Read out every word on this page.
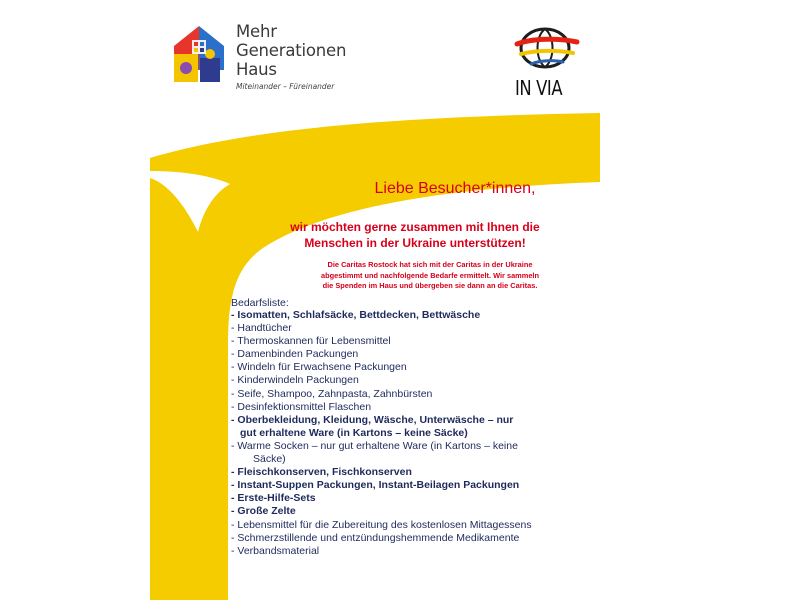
Mehr
Generationen
Haus
Miteinander – Füreinander	IN VIA
Liebe Besucher*innen,
wir möchten gerne zusammen mit Ihnen die
Menschen in der Ukraine unterstützen!
Die Caritas Rostock hat sich mit der Caritas in der Ukraine
abgestimmt und nachfolgende Bedarfe ermittelt. Wir sammeln
die Spenden im Haus und übergeben sie dann an die Caritas.
Bedarfsliste:
- Isomatten, Schlafsäcke, Bettdecken, Bettwäsche
- Handtücher
- Thermoskannen für Lebensmittel
- Damenbinden Packungen
- Windeln für Erwachsene Packungen
- Kinderwindeln Packungen
- Seife, Shampoo, Zahnpasta, Zahnbürsten
- Desinfektionsmittel Flaschen
- Oberbekleidung, Kleidung, Wäsche, Unterwäsche – nur
gut erhaltene Ware (in Kartons – keine Säcke)
- Warme Socken – nur gut erhaltene Ware (in Kartons – keine
Säcke)
- Fleischkonserven, Fischkonserven
- Instant-Suppen Packungen, Instant-Beilagen Packungen
- Erste-Hilfe-Sets
- Große Zelte
- Lebensmittel für die Zubereitung des kostenlosen Mittagessens
- Schmerzstillende und entzündungshemmende Medikamente
- Verbandsmaterial
